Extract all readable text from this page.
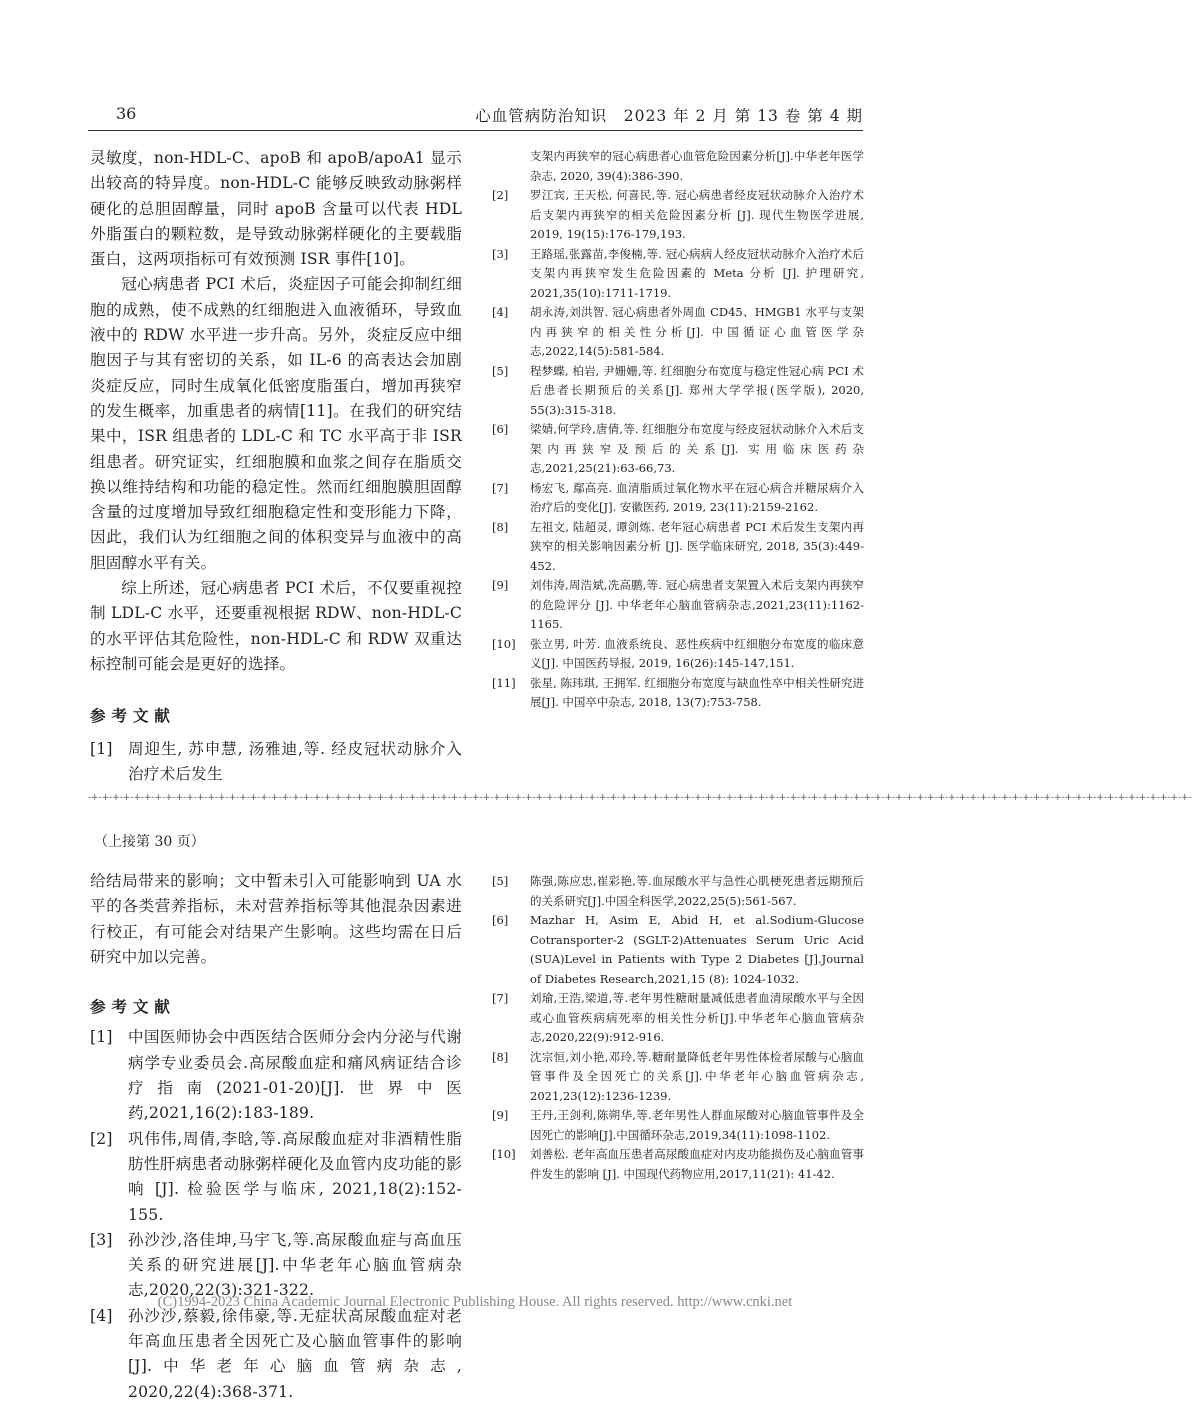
36	心血管病防治知识　2023 年 2 月 第 13 卷 第 4 期

灵敏度，non-HDL-C、apoB 和 apoB/apoA1 显示出较高的特异度。non-HDL-C 能够反映致动脉粥样硬化的总胆固醇量，同时 apoB 含量可以代表 HDL 外脂蛋白的颗粒数，是导致动脉粥样硬化的主要载脂蛋白，这两项指标可有效预测 ISR 事件[10]。

冠心病患者 PCI 术后，炎症因子可能会抑制红细胞的成熟，使不成熟的红细胞进入血液循环，导致血液中的 RDW 水平进一步升高。另外，炎症反应中细胞因子与其有密切的关系，如 IL-6 的高表达会加剧炎症反应，同时生成氧化低密度脂蛋白，增加再狭窄的发生概率，加重患者的病情[11]。在我们的研究结果中，ISR 组患者的 LDL-C 和 TC 水平高于非 ISR 组患者。研究证实，红细胞膜和血浆之间存在脂质交换以维持结构和功能的稳定性。然而红细胞膜胆固醇含量的过度增加导致红细胞稳定性和变形能力下降，因此，我们认为红细胞之间的体积变异与血液中的高胆固醇水平有关。

综上所述，冠心病患者 PCI 术后，不仅要重视控制 LDL-C 水平，还要重视根据 RDW、non-HDL-C 的水平评估其危险性，non-HDL-C 和 RDW 双重达标控制可能会是更好的选择。

参 考 文 献

[1] 周迎生, 苏申慧, 汤雅迪,等. 经皮冠状动脉介入治疗术后发生

支架内再狭窄的冠心病患者心血管危险因素分析[J].中华老年医学杂志, 2020, 39(4):386-390.

[2] 罗江宾, 王天松, 何喜民,等. 冠心病患者经皮冠状动脉介入治疗术后支架内再狭窄的相关危险因素分析 [J]. 现代生物医学进展, 2019, 19(15):176-179,193.

[3] 王路瑶,张露苗,李俊楠,等. 冠心病病人经皮冠状动脉介入治疗术后支架内再狭窄发生危险因素的 Meta 分析 [J]. 护理研究, 2021,35(10):1711-1719.

[4] 胡永涛,刘洪智. 冠心病患者外周血 CD45、HMGB1 水平与支架内再狭窄的相关性分析[J]. 中国循证心血管医学杂志,2022,14(5):581-584.

[5] 程梦蝶, 柏岩, 尹姗姗,等. 红细胞分布宽度与稳定性冠心病 PCI 术后患者长期预后的关系[J]. 郑州大学学报(医学版), 2020, 55(3):315-318.

[6] 梁婧,何学玲,唐倩,等. 红细胞分布宽度与经皮冠状动脉介入术后支架内再狭窄及预后的关系[J]. 实用临床医药杂志,2021,25(21):63-66,73.

[7] 杨宏飞, 鄢高亮. 血清脂质过氧化物水平在冠心病合并糖尿病介入治疗后的变化[J]. 安徽医药, 2019, 23(11):2159-2162.

[8] 左祖文, 陆超灵, 谭剑炼. 老年冠心病患者 PCI 术后发生支架内再狭窄的相关影响因素分析 [J]. 医学临床研究, 2018, 35(3):449-452.

[9] 刘伟涛,周浩斌,冼高鹏,等. 冠心病患者支架置入术后支架内再狭窄的危险评分 [J]. 中华老年心脑血管病杂志,2021,23(11):1162-1165.

[10] 张立男, 叶芳. 血液系统良、恶性疾病中红细胞分布宽度的临床意义[J]. 中国医药导报, 2019, 16(26):145-147,151.

[11] 张星, 陈玮琪, 王拥军. 红细胞分布宽度与缺血性卒中相关性研究进展[J]. 中国卒中杂志, 2018, 13(7):753-758.

-+-+-+-+-+-+-+-+-+-+-+-+-+-+-+-+-+-+-+-+-+-+-+-+-+-+-+-+-+-+-+-+-+-+-+-+-+-+-+-+-+-+-+-+-+-+-+-+-+-+-+-+-+-+-+-+-+-+-+-+-+-+-+-+-+-+-+-+-+-+-+-+-+-+-+-+-+-+-+-+-+-+-+-+-+-+-+-+-+-+-+-+-+-+-+-+-+-+-+-+-+-+-+-+-
（上接第 30 页）

给结局带来的影响；文中暂未引入可能影响到 UA 水平的各类营养指标，未对营养指标等其他混杂因素进行校正，有可能会对结果产生影响。这些均需在日后研究中加以完善。

参 考 文 献

[1] 中国医师协会中西医结合医师分会内分泌与代谢病学专业委员会.高尿酸血症和痛风病证结合诊疗指南(2021-01-20)[J].世界中医药,2021,16(2):183-189.

[2] 巩伟伟,周倩,李晗,等.高尿酸血症对非酒精性脂肪性肝病患者动脉粥样硬化及血管内皮功能的影响 [J]. 检验医学与临床, 2021,18(2):152-155.

[3] 孙沙沙,洛佳坤,马宇飞,等.高尿酸血症与高血压关系的研究进展[J].中华老年心脑血管病杂志,2020,22(3):321-322.

[4] 孙沙沙,蔡毅,徐伟豪,等.无症状高尿酸血症对老年高血压患者全因死亡及心脑血管事件的影响[J].中华老年心脑血管病杂志, 2020,22(4):368-371.

[5] 陈强,陈应忠,崔彩艳,等.血尿酸水平与急性心肌梗死患者远期预后的关系研究[J].中国全科医学,2022,25(5):561-567.

[6] Mazhar H, Asim E, Abid H, et al.Sodium-Glucose Cotransporter-2 (SGLT-2)Attenuates Serum Uric Acid (SUA)Level in Patients with Type 2 Diabetes [J].Journal of Diabetes Research,2021,15 (8): 1024-1032.

[7] 刘瑜,王浩,梁道,等.老年男性糖耐量减低患者血清尿酸水平与全因或心血管疾病病死率的相关性分析[J].中华老年心脑血管病杂志,2020,22(9):912-916.

[8] 沈宗恒,刘小艳,邓玲,等.糖耐量降低老年男性体检者尿酸与心脑血管事件及全因死亡的关系[J].中华老年心脑血管病杂志, 2021,23(12):1236-1239.

[9] 王丹,王剑利,陈朔华,等.老年男性人群血尿酸对心脑血管事件及全因死亡的影响[J].中国循环杂志,2019,34(11):1098-1102.

[10] 刘善松. 老年高血压患者高尿酸血症对内皮功能损伤及心脑血管事件发生的影响 [J]. 中国现代药物应用,2017,11(21): 41-42.

(C)1994-2023 China Academic Journal Electronic Publishing House. All rights reserved. http://www.cnki.net
